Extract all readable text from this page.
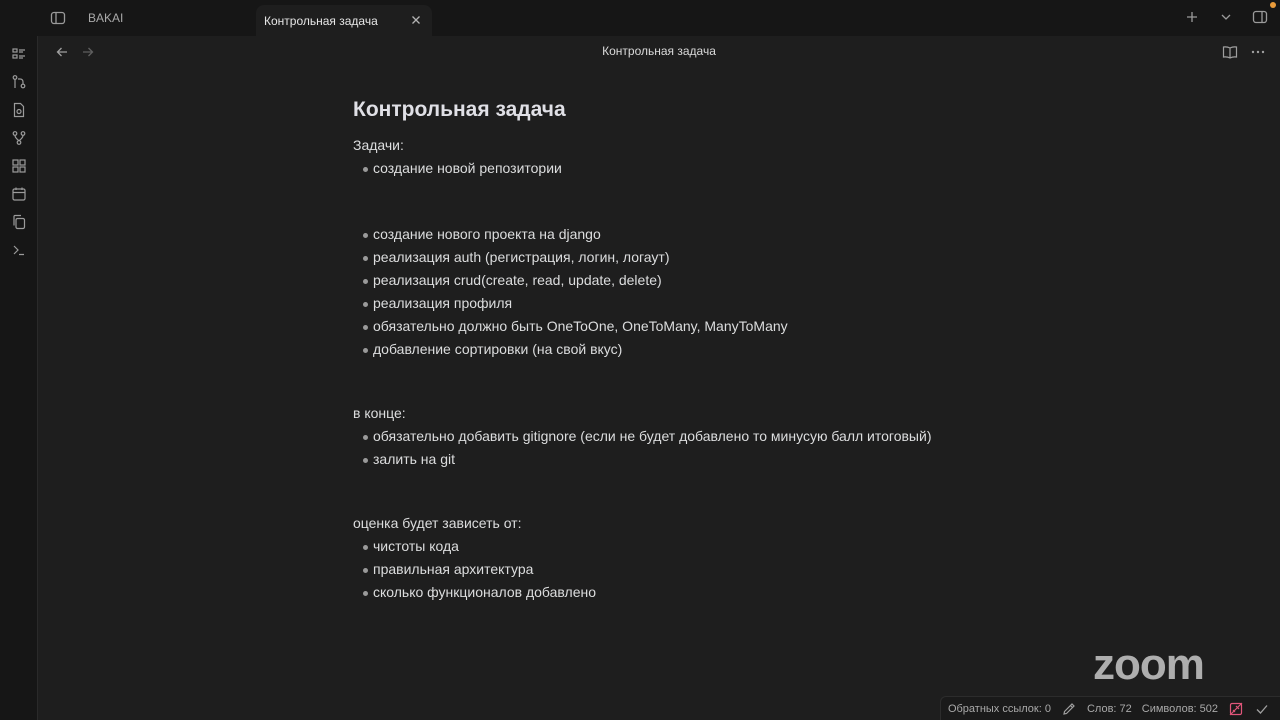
BAKAI	Контрольная задача
Контрольная задача
Контрольная задача
Задачи:
создание новой репозитории
создание нового проекта на django
реализация auth (регистрация, логин, логаут)
реализация crud(create, read, update, delete)
реализация профиля
обязательно должно быть OneToOne, OneToMany, ManyToMany
добавление сортировки (на свой вкус)
в конце:
обязательно добавить gitignore (если не будет добавлено то минусую балл итоговый)
залить на git
оценка будет зависеть от:
чистоты кода
правильная архитектура
сколько функционалов добавлено
zoom
Обратных ссылок: 0	Слов: 72 Символов: 502
